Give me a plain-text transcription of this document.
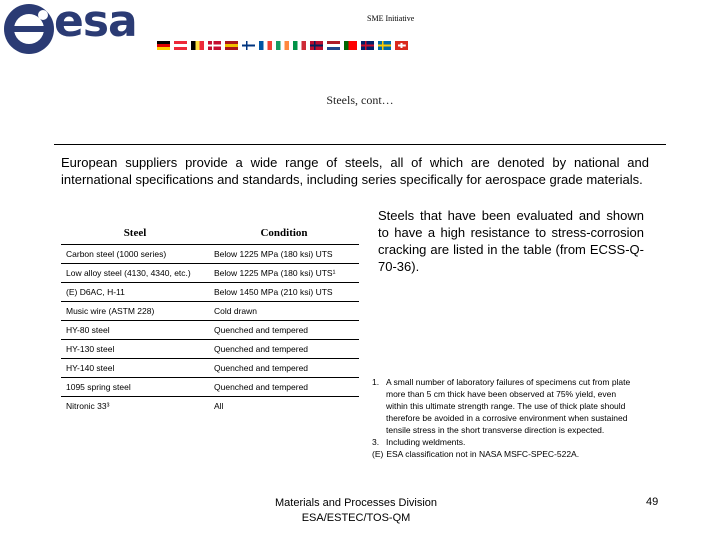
esa	SME Initiative
Steels, cont…
European suppliers provide a wide range of steels, all of which are denoted by national and international specifications and standards, including series specifically for aerospace grade materials.
Steels that have been evaluated and shown to have a high resistance to stress-corrosion cracking are listed in the table (from ECSS-Q-70-36).
Steel	Condition
Carbon steel (1000 series)	Below 1225 MPa (180 ksi) UTS
Low alloy steel (4130, 4340, etc.)	Below 1225 MPa (180 ksi) UTS¹
(E) D6AC, H-11	Below 1450 MPa (210 ksi) UTS
Music wire (ASTM 228)	Cold drawn
HY-80 steel	Quenched and tempered
HY-130 steel	Quenched and tempered
HY-140 steel	Quenched and tempered
1095 spring steel	Quenched and tempered
Nitronic 33³	All
1. A small number of laboratory failures of specimens cut from plate more than 5 cm thick have been observed at 75% yield, even within this ultimate strength range. The use of thick plate should therefore be avoided in a corrosive environment when sustained tensile stress in the short transverse direction is expected.
3. Including weldments.
(E) ESA classification not in NASA MSFC-SPEC-522A.
Materials and Processes Division
ESA/ESTEC/TOS-QM
49
